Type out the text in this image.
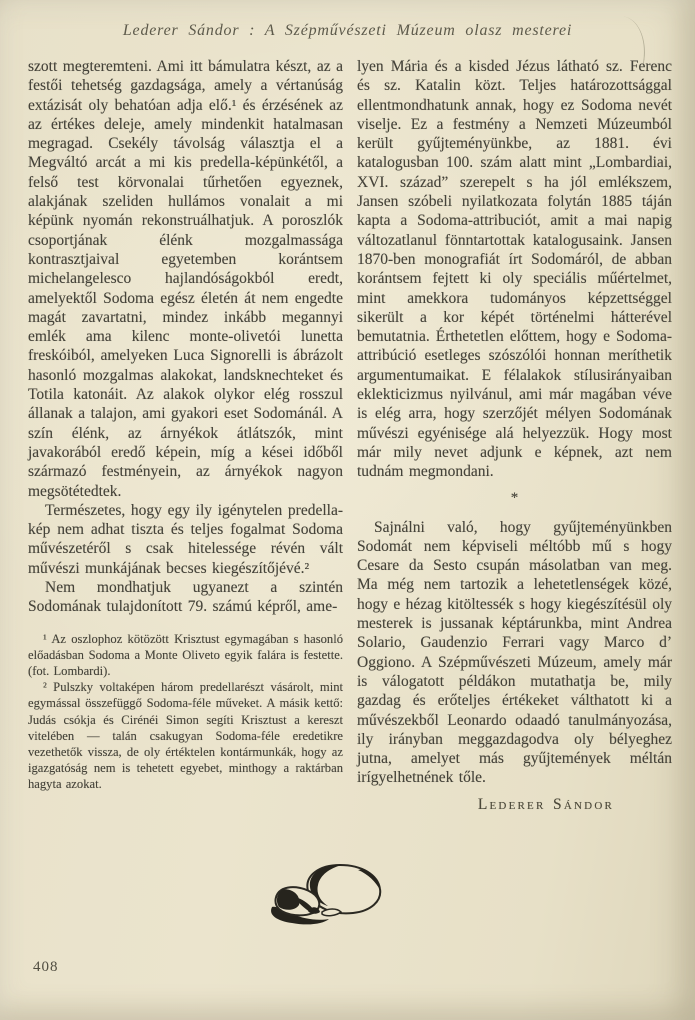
Lederer Sándor : A Szépművészeti Múzeum olasz mesterei

szott megteremteni. Ami itt bámulatra készt, az a festői tehetség gazdagsága, amely a vértanúság extázisát oly behatóan adja elő.¹ és érzésének az az értékes deleje, amely mindenkit hatalmasan megragad. Csekély távolság választja el a Megváltó arcát a mi kis predella-képünkétől, a felső test körvonalai tűrhetően egyeznek, alakjának szeliden hullámos vonalait a mi képünk nyomán rekonstruálhatjuk. A poroszlók csoportjának élénk mozgalmassága kontrasztjaival egyetemben korántsem michelangelesco hajlandóságokból eredt, amelyektől Sodoma egész életén át nem engedte magát zavartatni, mindez inkább megannyi emlék ama kilenc monte-olivetói lunetta freskóiból, amelyeken Luca Signorelli is ábrázolt hasonló mozgalmas alakokat, landsknechteket és Totila katonáit. Az alakok olykor elég rosszul állanak a talajon, ami gyakori eset Sodománál. A szín élénk, az árnyékok átlátszók, mint javakorából eredő képein, míg a kései időből származó festményein, az árnyékok nagyon megsötétedtek.

Természetes, hogy egy ily igénytelen predella-kép nem adhat tiszta és teljes fogalmat Sodoma művészetéről s csak hitelessége révén vált művészi munkájának becses kiegészítőjévé.²

Nem mondhatjuk ugyanezt a szintén Sodomának tulajdonított 79. számú képről, ame-

¹ Az oszlophoz kötözött Krisztust egymagában s hasonló előadásban Sodoma a Monte Oliveto egyik falára is festette. (fot. Lombardi).

² Pulszky voltaképen három predellarészt vásárolt, mint egymással összefüggő Sodoma-féle műveket. A másik kettő: Judás csókja és Cirénéi Simon segíti Krisztust a kereszt vitelében — talán csakugyan Sodoma-féle eredetikre vezethetők vissza, de oly értéktelen kontármunkák, hogy az igazgatóság nem is tehetett egyebet, minthogy a raktárban hagyta azokat.

lyen Mária és a kisded Jézus látható sz. Ferenc és sz. Katalin közt. Teljes határozottsággal ellentmondhatunk annak, hogy ez Sodoma nevét viselje. Ez a festmény a Nemzeti Múzeumból került gyűjteményünkbe, az 1881. évi katalogusban 100. szám alatt mint „Lombardiai, XVI. század” szerepelt s ha jól emlékszem, Jansen szóbeli nyilatkozata folytán 1885 táján kapta a Sodoma-attribuciót, amit a mai napig változatlanul fönntartottak katalogusaink. Jansen 1870-ben monografiát írt Sodomáról, de abban korántsem fejtett ki oly speciális műértelmet, mint amekkora tudományos képzettséggel sikerült a kor képét történelmi hátterével bemutatnia. Érthetetlen előttem, hogy e Sodoma-attribúció esetleges szószólói honnan meríthetik argumentumaikat. E félalakok stílusirányaiban eklekticizmus nyilvánul, ami már magában véve is elég arra, hogy szerzőjét mélyen Sodomának művészi egyénisége alá helyezzük. Hogy most már mily nevet adjunk e képnek, azt nem tudnám megmondani.

*

Sajnálni való, hogy gyűjteményünkben Sodomát nem képviseli méltóbb mű s hogy Cesare da Sesto csupán másolatban van meg. Ma még nem tartozik a lehetetlenségek közé, hogy e hézag kitöltessék s hogy kiegészítésül oly mesterek is jussanak képtárunkba, mint Andrea Solario, Gaudenzio Ferrari vagy Marco d’ Oggiono. A Szépművészeti Múzeum, amely már is válogatott példákon mutathatja be, mily gazdag és erőteljes értékeket válthatott ki a művészekből Leonardo odaadó tanulmányozása, ily irányban meggazdagodva oly bélyeghez jutna, amelyet más gyűjtemények méltán irígyelhetnének tőle.

Lederer Sándor

408
